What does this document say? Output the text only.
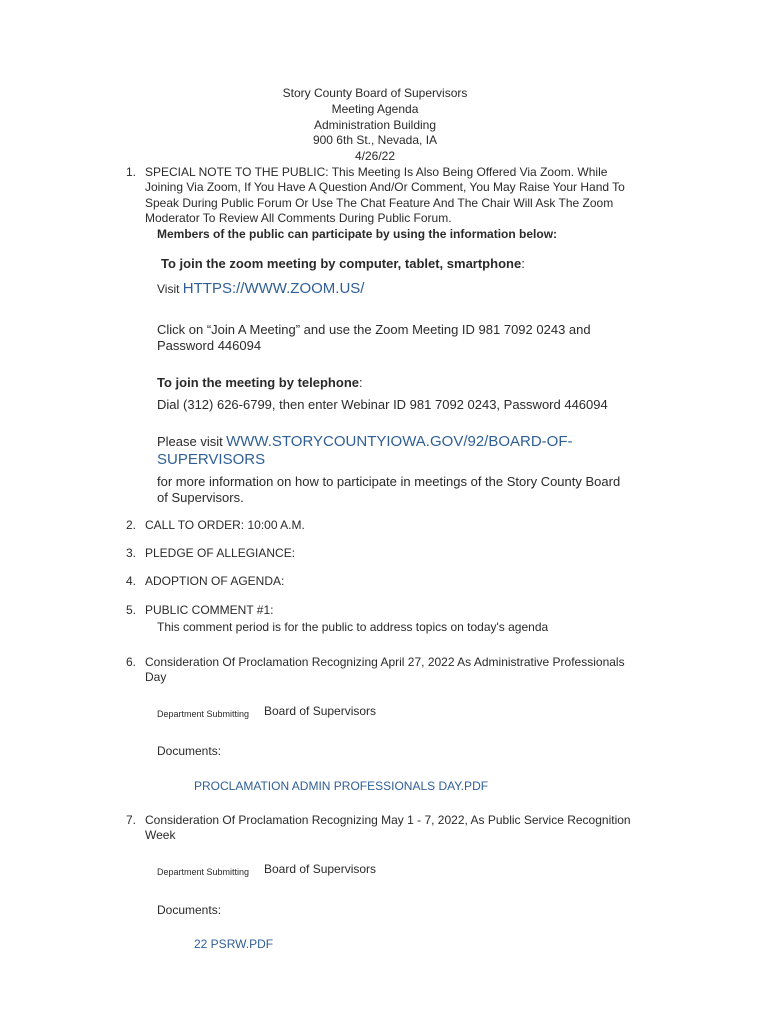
Story County Board of Supervisors
Meeting Agenda
Administration Building
900 6th St., Nevada, IA
4/26/22
1. SPECIAL NOTE TO THE PUBLIC: This Meeting Is Also Being Offered Via Zoom. While
Joining Via Zoom, If You Have A Question And/Or Comment, You May Raise Your Hand To
Speak During Public Forum Or Use The Chat Feature And The Chair Will Ask The Zoom
Moderator To Review All Comments During Public Forum.
Members of the public can participate by using the information below:
To join the zoom meeting by computer, tablet, smartphone:
Visit HTTPS://WWW.ZOOM.US/
Click on “Join A Meeting” and use the Zoom Meeting ID 981 7092 0243 and
Password 446094
To join the meeting by telephone:
Dial (312) 626-6799, then enter Webinar ID 981 7092 0243, Password 446094
Please visit WWW.STORYCOUNTYIOWA.GOV/92/BOARD-OF-
SUPERVISORS
for more information on how to participate in meetings of the Story County Board
of Supervisors.
2. CALL TO ORDER: 10:00 A.M.
3. PLEDGE OF ALLEGIANCE:
4. ADOPTION OF AGENDA:
5. PUBLIC COMMENT #1:
This comment period is for the public to address topics on today's agenda
6. Consideration Of Proclamation Recognizing April 27, 2022 As Administrative Professionals
Day
Department Submitting Board of Supervisors
Documents:
PROCLAMATION ADMIN PROFESSIONALS DAY.PDF
7. Consideration Of Proclamation Recognizing May 1 - 7, 2022, As Public Service Recognition
Week
Department Submitting Board of Supervisors
Documents:
22 PSRW.PDF
